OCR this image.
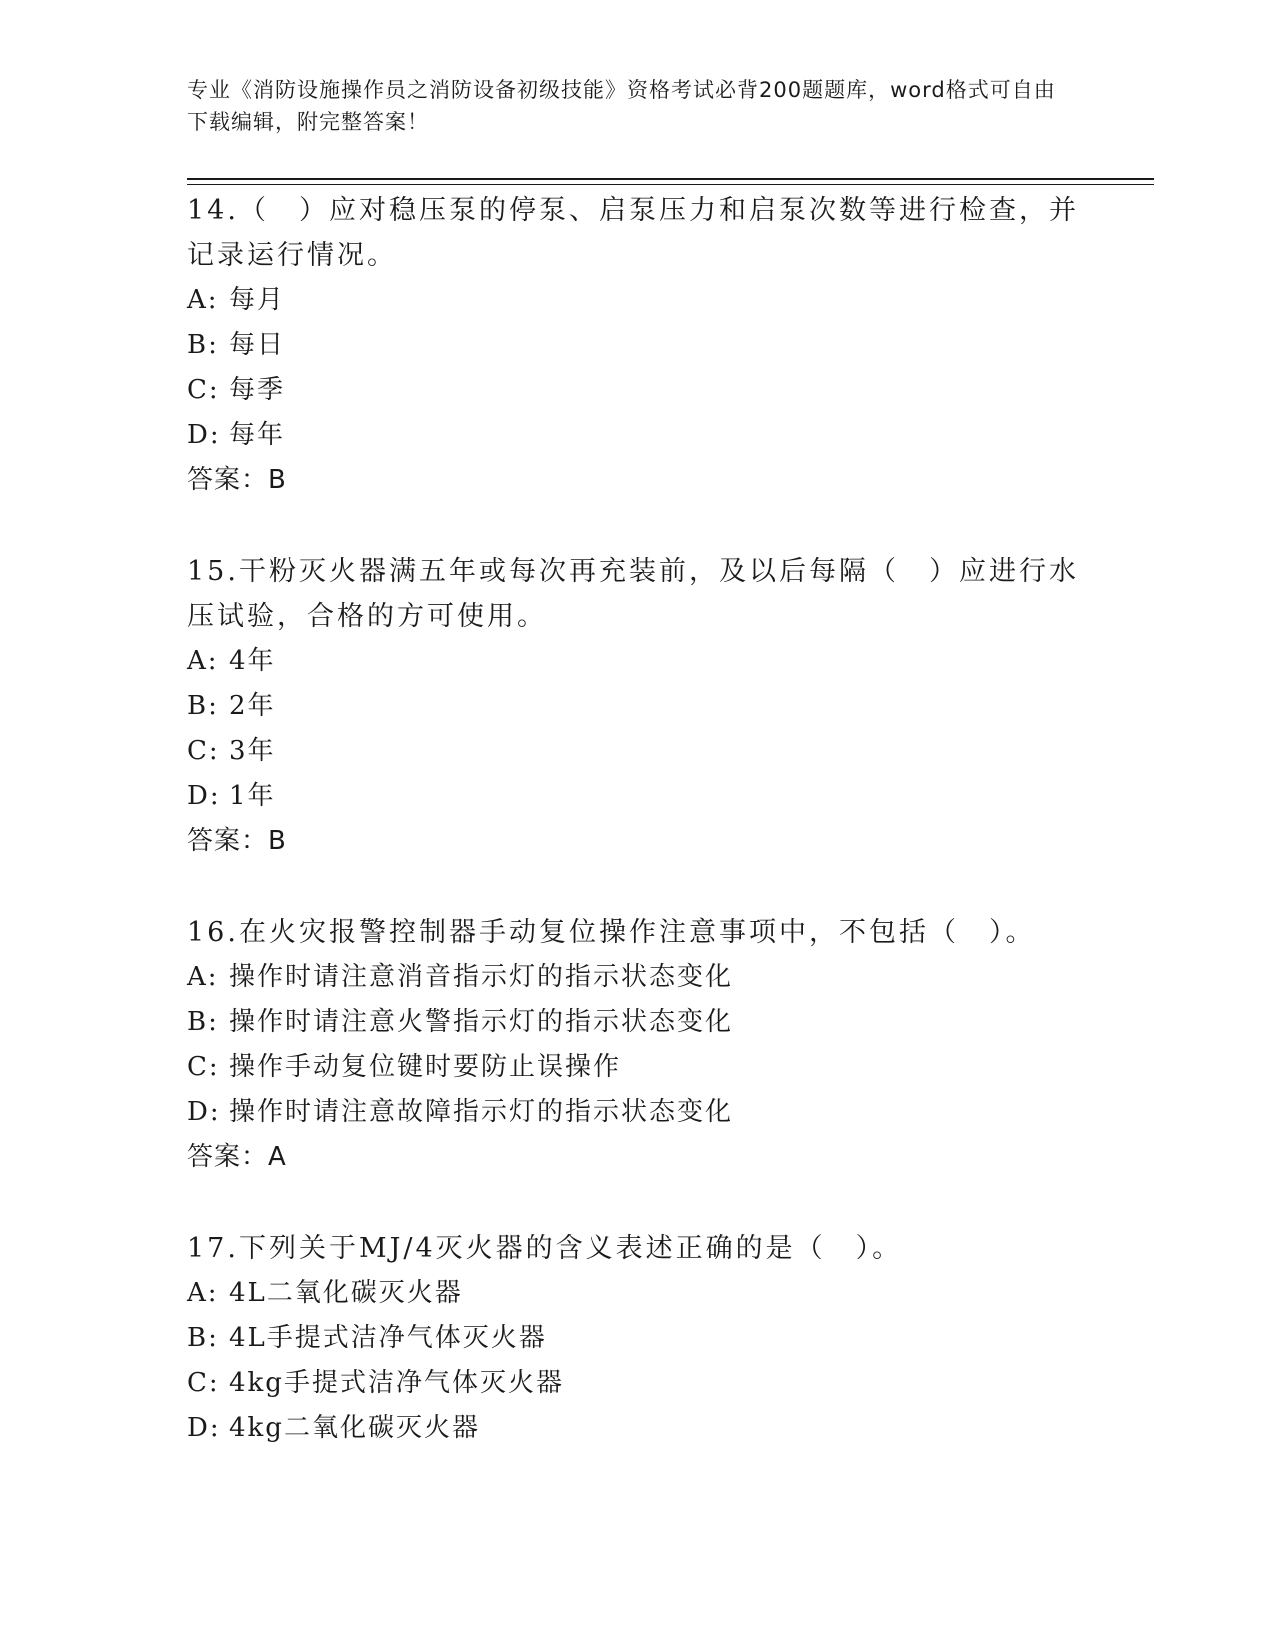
专业《消防设施操作员之消防设备初级技能》资格考试必背200题题库，word格式可自由下载编辑，附完整答案！

14.（　）应对稳压泵的停泵、启泵压力和启泵次数等进行检查，并记录运行情况。

A: 每月

B: 每日

C: 每季

D: 每年

答案：B

15.干粉灭火器满五年或每次再充装前，及以后每隔（　）应进行水压试验，合格的方可使用。

A: 4年

B: 2年

C: 3年

D: 1年

答案：B

16.在火灾报警控制器手动复位操作注意事项中，不包括（　）。

A: 操作时请注意消音指示灯的指示状态变化

B: 操作时请注意火警指示灯的指示状态变化

C: 操作手动复位键时要防止误操作

D: 操作时请注意故障指示灯的指示状态变化

答案：A

17.下列关于MJ/4灭火器的含义表述正确的是（　）。

A: 4L二氧化碳灭火器

B: 4L手提式洁净气体灭火器

C: 4kg手提式洁净气体灭火器

D: 4kg二氧化碳灭火器
